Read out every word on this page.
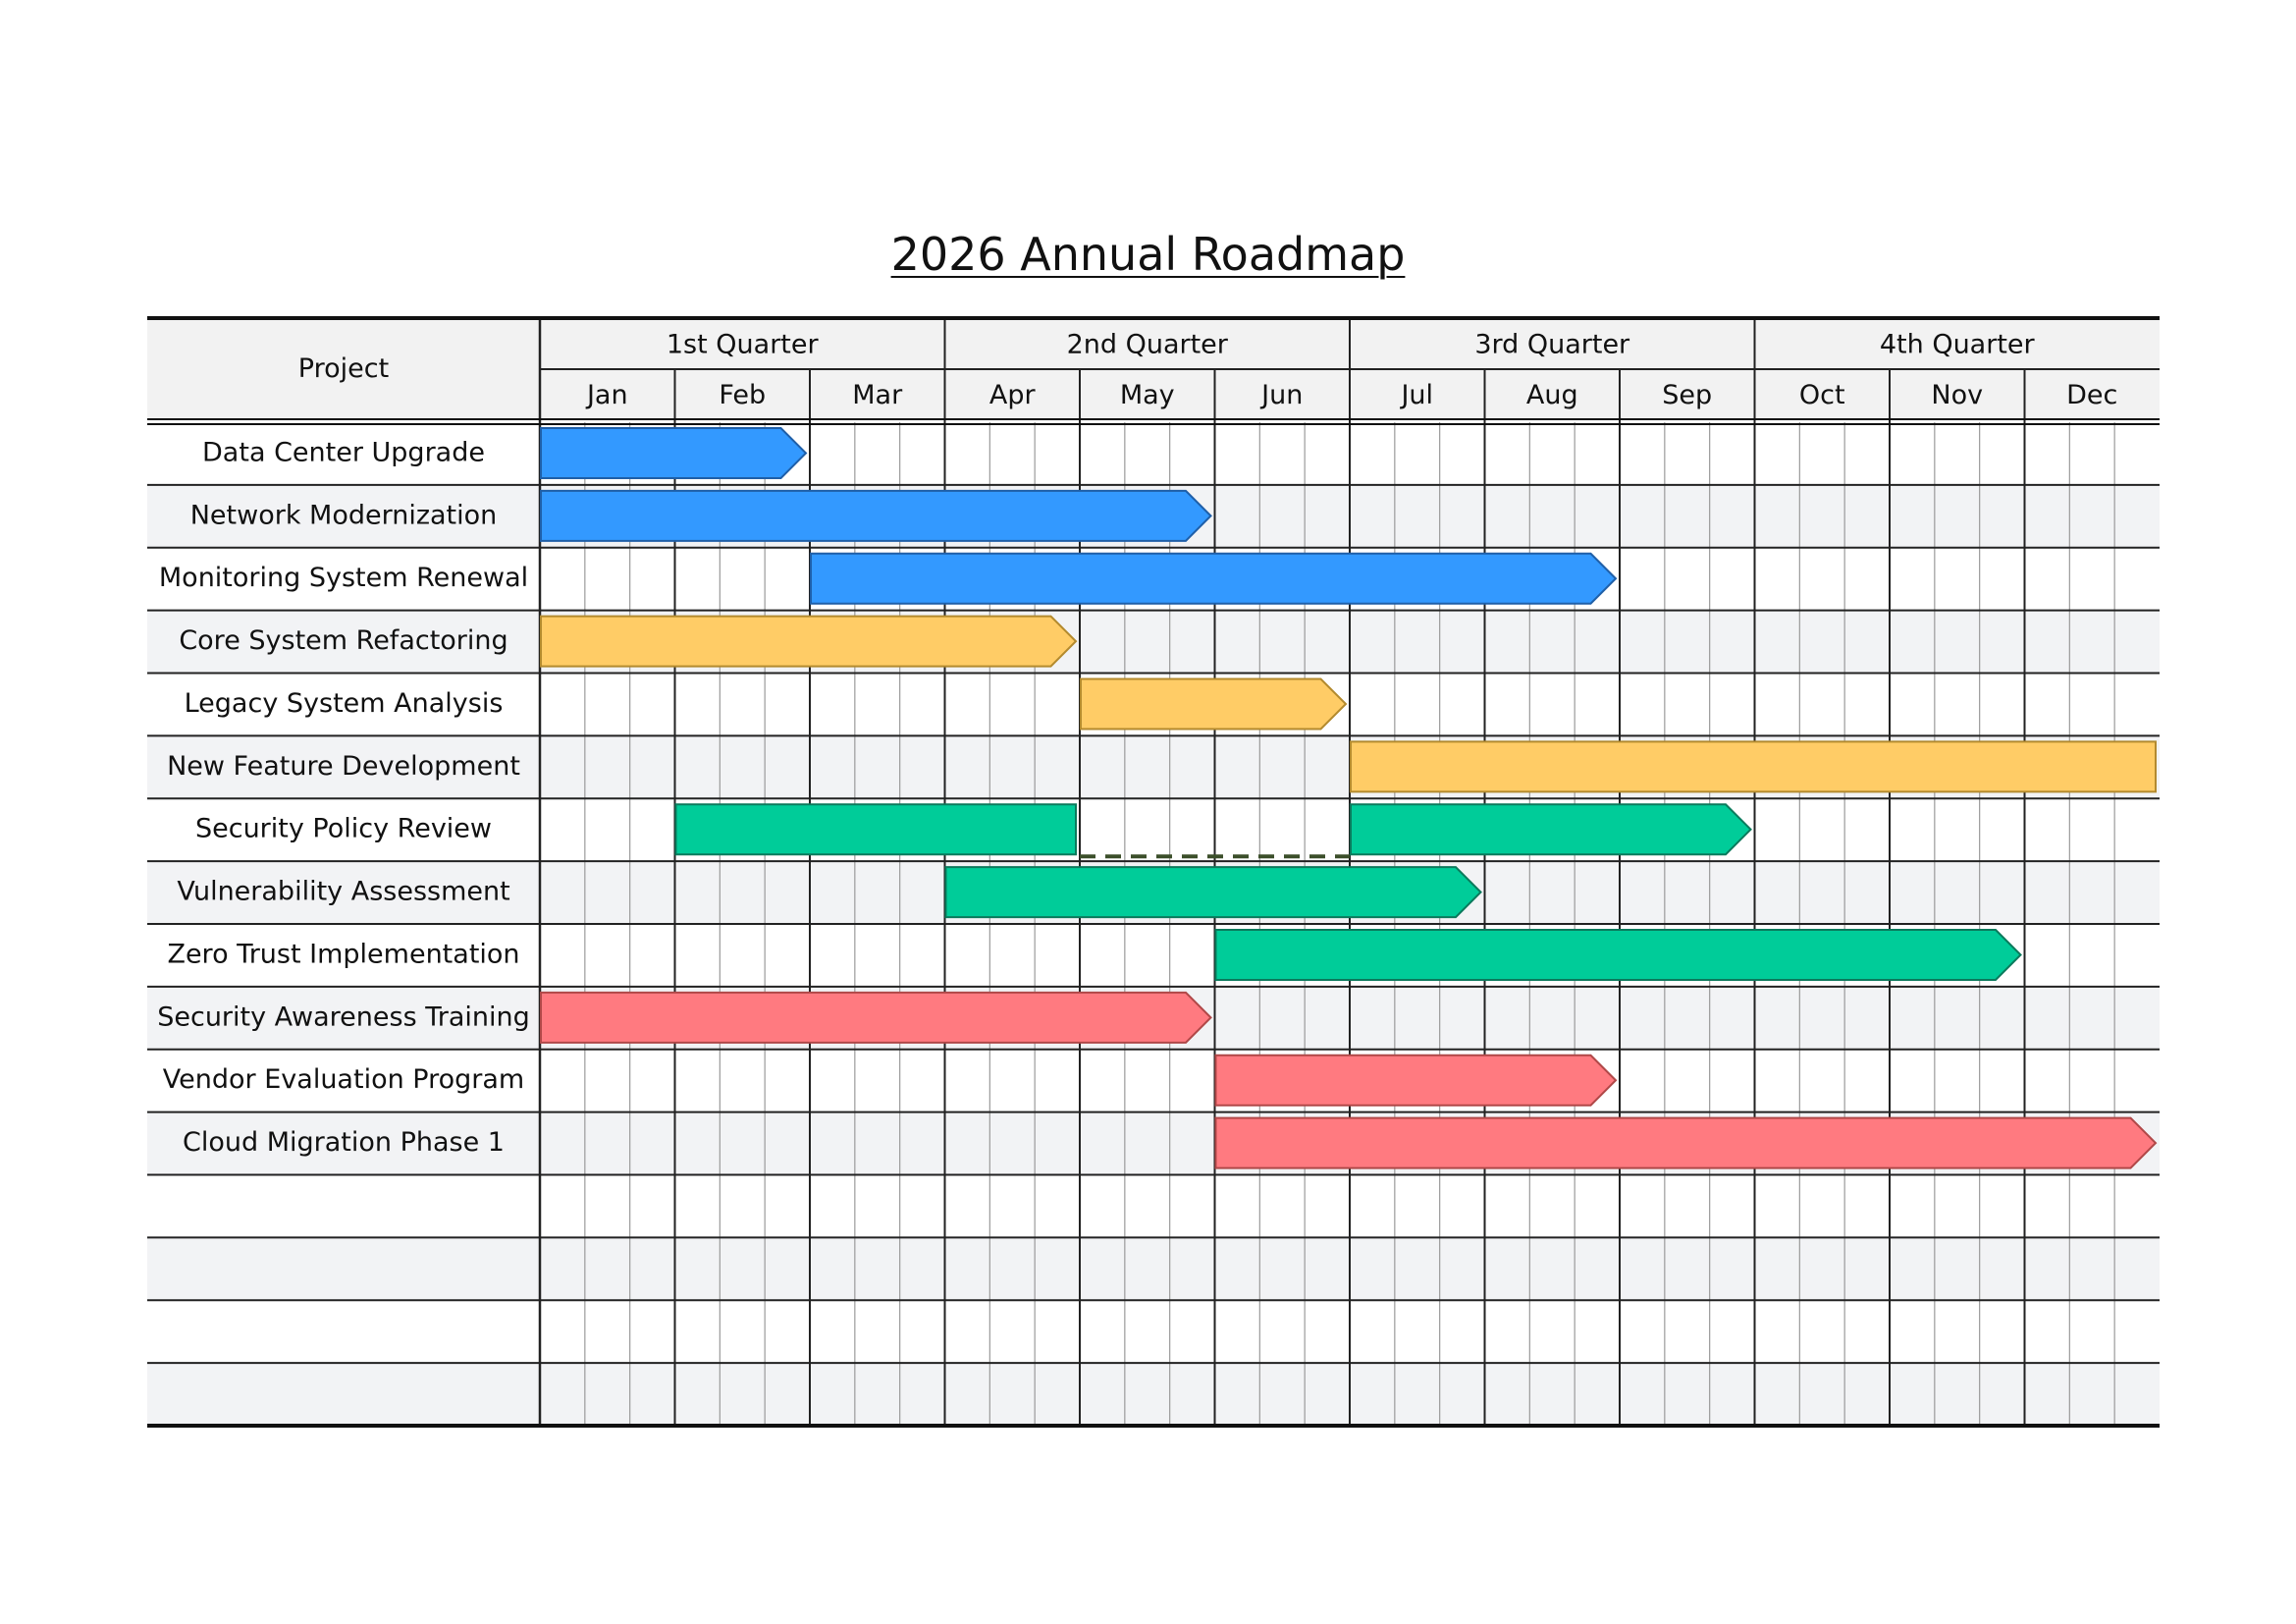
2026 Annual Roadmap
Project
1st Quarter	2nd Quarter	3rd Quarter	4th Quarter
Jan	Feb	Mar	Apr	May	Jun	Jul	Aug	Sep	Oct	Nov	Dec
Data Center Upgrade
Network Modernization
Monitoring System Renewal
Core System Refactoring
Legacy System Analysis
New Feature Development
Security Policy Review
Vulnerability Assessment
Zero Trust Implementation
Security Awareness Training
Vendor Evaluation Program
Cloud Migration Phase 1
